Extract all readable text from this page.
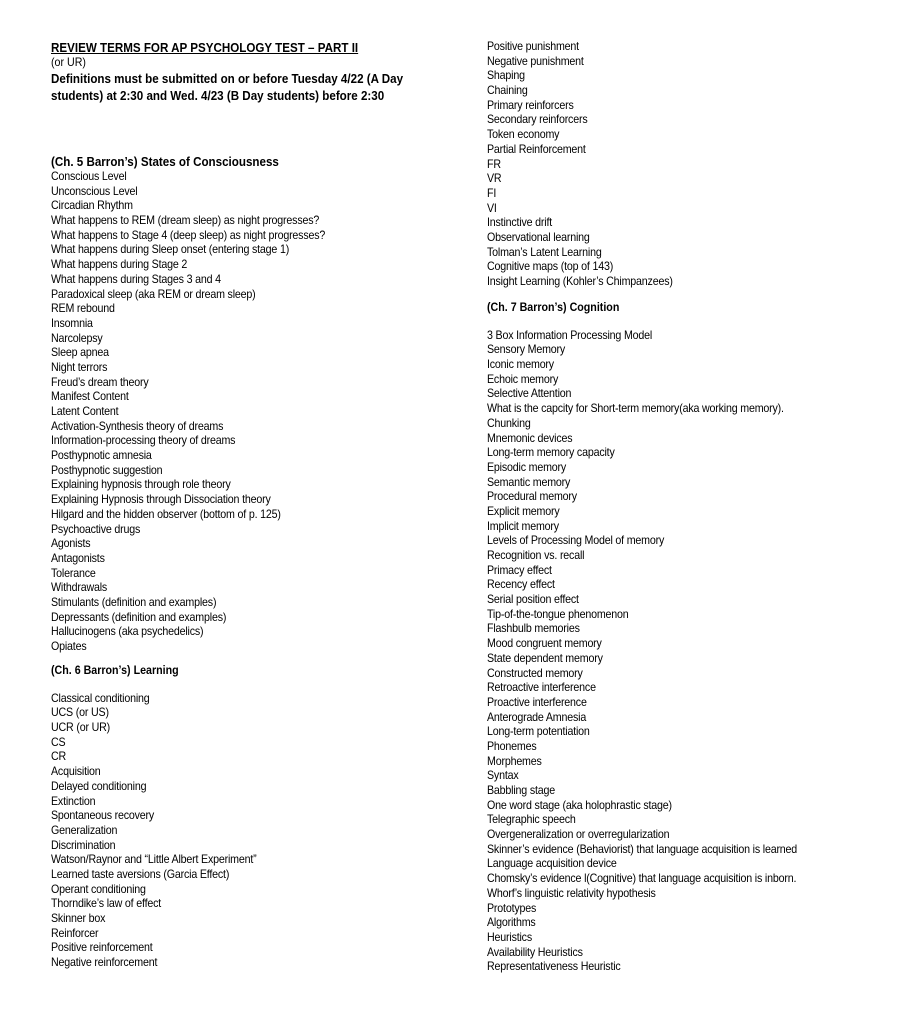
REVIEW TERMS FOR AP PSYCHOLOGY TEST – PART II
(or UR)
Definitions must be submitted on or before Tuesday 4/22 (A Day
students) at 2:30 and Wed. 4/23 (B Day students) before 2:30
(Ch. 5 Barron’s) States of Consciousness
Conscious Level
Unconscious Level
Circadian Rhythm
What happens to REM (dream sleep) as night progresses?
What happens to Stage 4 (deep sleep) as night progresses?
What happens during Sleep onset (entering stage 1)
What happens during Stage 2
What happens during Stages 3 and 4
Paradoxical sleep (aka REM or dream sleep)
REM rebound
Insomnia
Narcolepsy
Sleep apnea
Night terrors
Freud’s dream theory
Manifest Content
Latent Content
Activation-Synthesis theory of dreams
Information-processing theory of dreams
Posthypnotic amnesia
Posthypnotic suggestion
Explaining hypnosis through role theory
Explaining Hypnosis through Dissociation theory
Hilgard and the hidden observer (bottom of p. 125)
Psychoactive drugs
Agonists
Antagonists
Tolerance
Withdrawals
Stimulants (definition and examples)
Depressants (definition and examples)
Hallucinogens (aka psychedelics)
Opiates
(Ch. 6 Barron’s) Learning
Classical conditioning
UCS (or US)
UCR (or UR)
CS
CR
Acquisition
Delayed conditioning
Extinction
Spontaneous recovery
Generalization
Discrimination
Watson/Raynor and “Little Albert Experiment”
Learned taste aversions (Garcia Effect)
Operant conditioning
Thorndike’s law of effect
Skinner box
Reinforcer
Positive reinforcement
Negative reinforcement
Positive punishment
Negative punishment
Shaping
Chaining
Primary reinforcers
Secondary reinforcers
Token economy
Partial Reinforcement
FR
VR
FI
VI
Instinctive drift
Observational learning
Tolman’s Latent Learning
Cognitive maps (top of 143)
Insight Learning (Kohler’s Chimpanzees)
(Ch. 7 Barron’s) Cognition
3 Box Information Processing Model
Sensory Memory
Iconic memory
Echoic memory
Selective Attention
What is the capcity for Short-term memory(aka working memory).
Chunking
Mnemonic devices
Long-term memory capacity
Episodic memory
Semantic memory
Procedural memory
Explicit memory
Implicit memory
Levels of Processing Model of memory
Recognition vs. recall
Primacy effect
Recency effect
Serial position effect
Tip-of-the-tongue phenomenon
Flashbulb memories
Mood congruent memory
State dependent memory
Constructed memory
Retroactive interference
Proactive interference
Anterograde Amnesia
Long-term potentiation
Phonemes
Morphemes
Syntax
Babbling stage
One word stage (aka holophrastic stage)
Telegraphic speech
Overgeneralization or overregularization
Skinner’s evidence (Behaviorist) that language acquisition is learned
Language acquisition device
Chomsky’s evidence l(Cognitive) that language acquisition is inborn.
Whorf’s linguistic relativity hypothesis
Prototypes
Algorithms
Heuristics
Availability Heuristics
Representativeness Heuristic
